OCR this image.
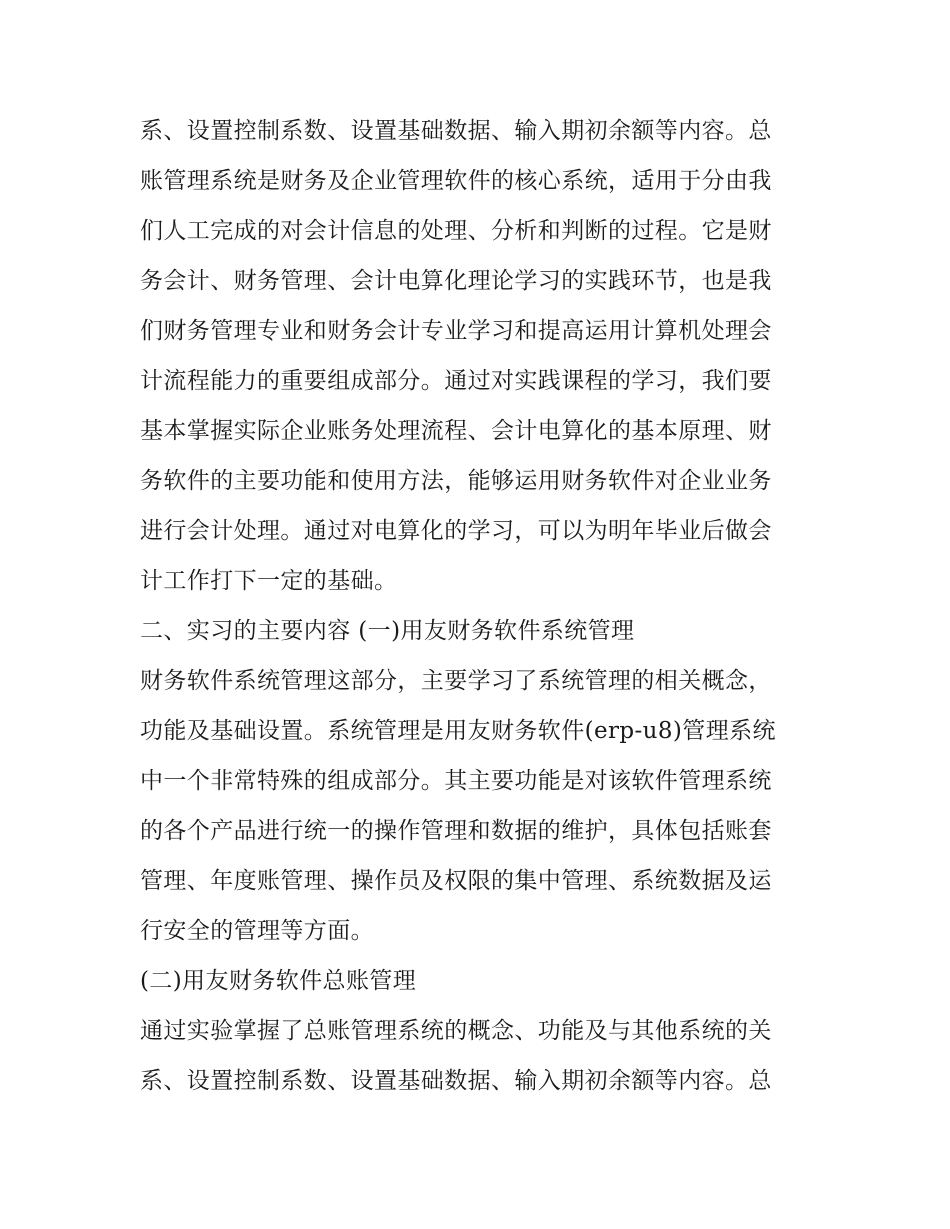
系、设置控制系数、设置基础数据、输入期初余额等内容。总
账管理系统是财务及企业管理软件的核心系统，适用于分由我
们人工完成的对会计信息的处理、分析和判断的过程。它是财
务会计、财务管理、会计电算化理论学习的实践环节，也是我
们财务管理专业和财务会计专业学习和提高运用计算机处理会
计流程能力的重要组成部分。通过对实践课程的学习，我们要
基本掌握实际企业账务处理流程、会计电算化的基本原理、财
务软件的主要功能和使用方法，能够运用财务软件对企业业务
进行会计处理。通过对电算化的学习，可以为明年毕业后做会
计工作打下一定的基础。
二、实习的主要内容 (一)用友财务软件系统管理
财务软件系统管理这部分，主要学习了系统管理的相关概念，
功能及基础设置。系统管理是用友财务软件(erp-u8)管理系统
中一个非常特殊的组成部分。其主要功能是对该软件管理系统
的各个产品进行统一的操作管理和数据的维护，具体包括账套
管理、年度账管理、操作员及权限的集中管理、系统数据及运
行安全的管理等方面。
(二)用友财务软件总账管理
通过实验掌握了总账管理系统的概念、功能及与其他系统的关
系、设置控制系数、设置基础数据、输入期初余额等内容。总
